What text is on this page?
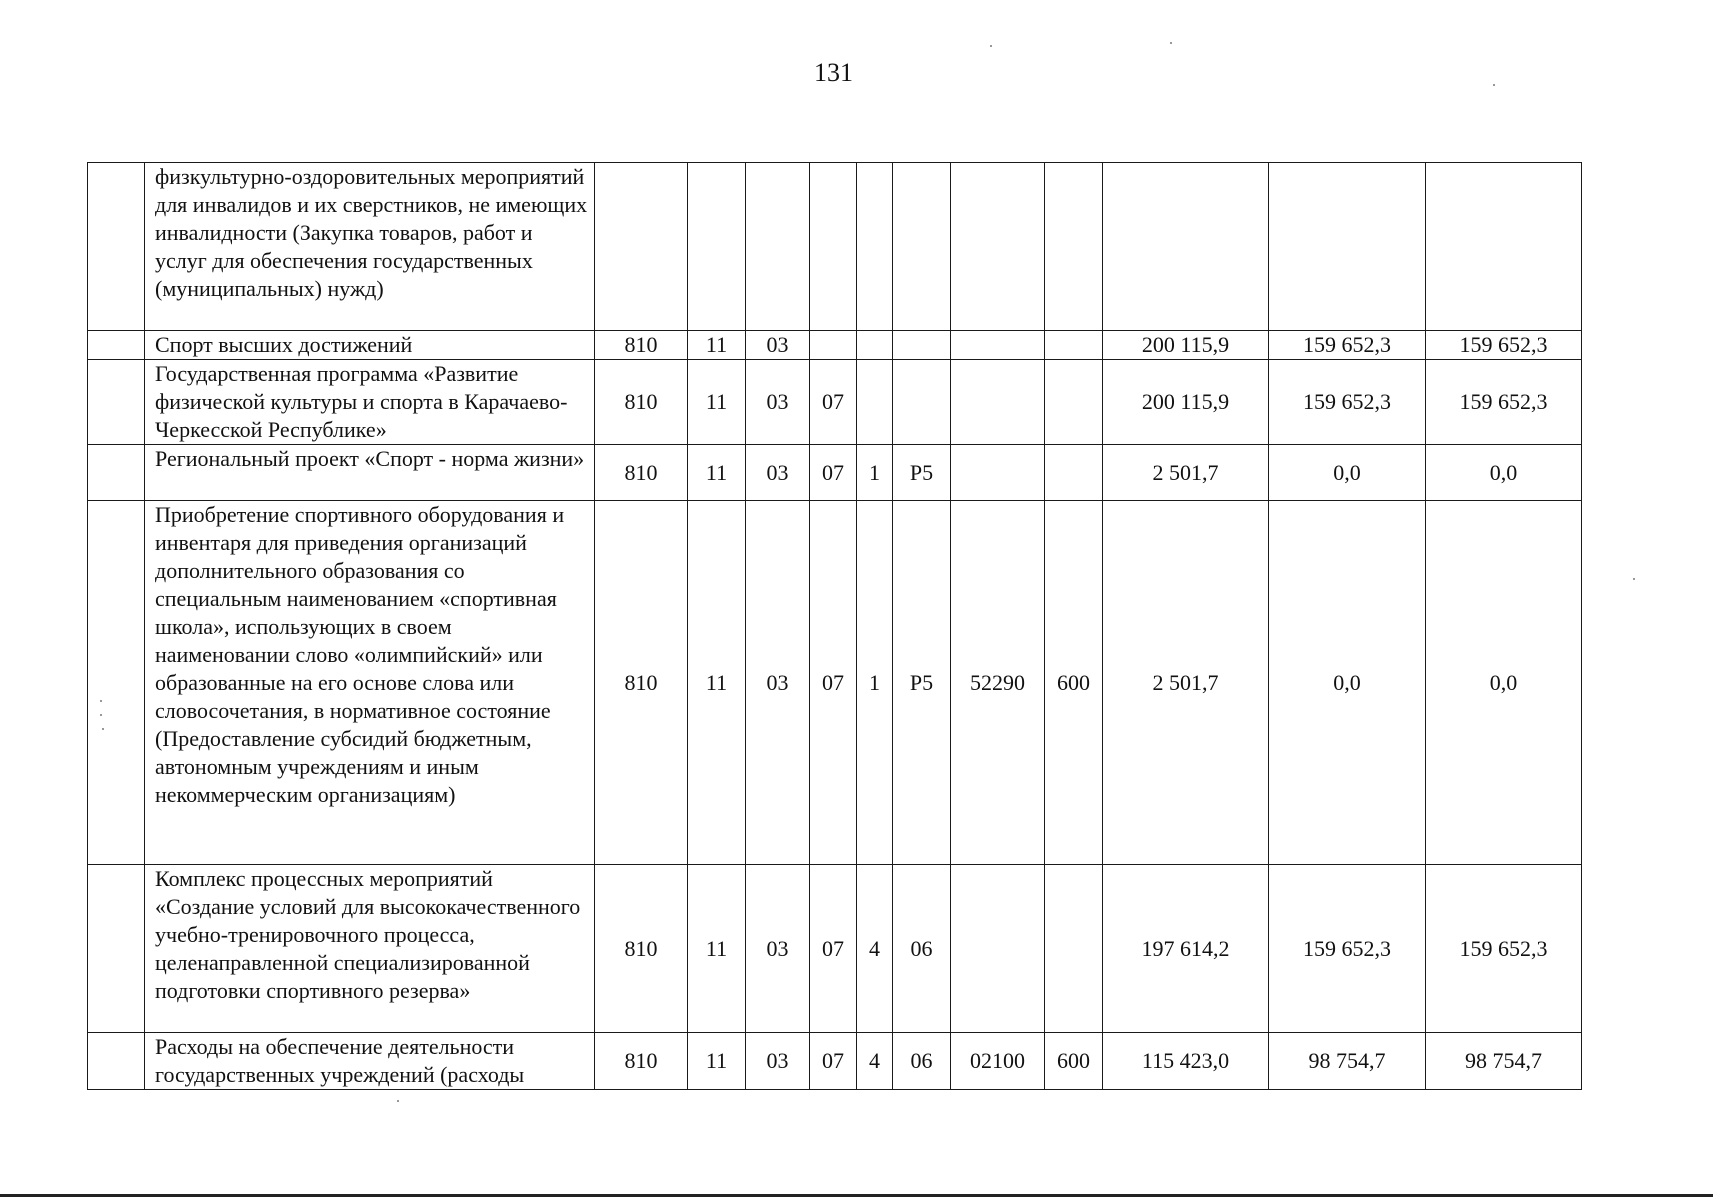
131
	физкультурно-оздоровительных мероприятий для инвалидов и их сверстников, не имеющих инвалидности (Закупка товаров, работ и услуг для обеспечения государственных (муниципальных) нужд)											
	Спорт высших достижений	810	11	03						200 115,9	159 652,3	159 652,3
	Государственная программа «Развитие физической культуры и спорта в Карачаево-Черкесской Республике»	810	11	03	07					200 115,9	159 652,3	159 652,3
	Региональный проект «Спорт - норма жизни»	810	11	03	07	1	P5			2 501,7	0,0	0,0
	Приобретение спортивного оборудования и инвентаря для приведения организаций дополнительного образования со специальным наименованием «спортивная школа», использующих в своем наименовании слово «олимпийский» или образованные на его основе слова или словосочетания, в нормативное состояние (Предоставление субсидий бюджетным, автономным учреждениям и иным некоммерческим организациям)	810	11	03	07	1	P5	52290	600	2 501,7	0,0	0,0
	Комплекс процессных мероприятий «Создание условий для высококачественного учебно-тренировочного процесса, целенаправленной специализированной подготовки спортивного резерва»	810	11	03	07	4	06			197 614,2	159 652,3	159 652,3
	Расходы на обеспечение деятельности государственных учреждений (расходы	810	11	03	07	4	06	02100	600	115 423,0	98 754,7	98 754,7
